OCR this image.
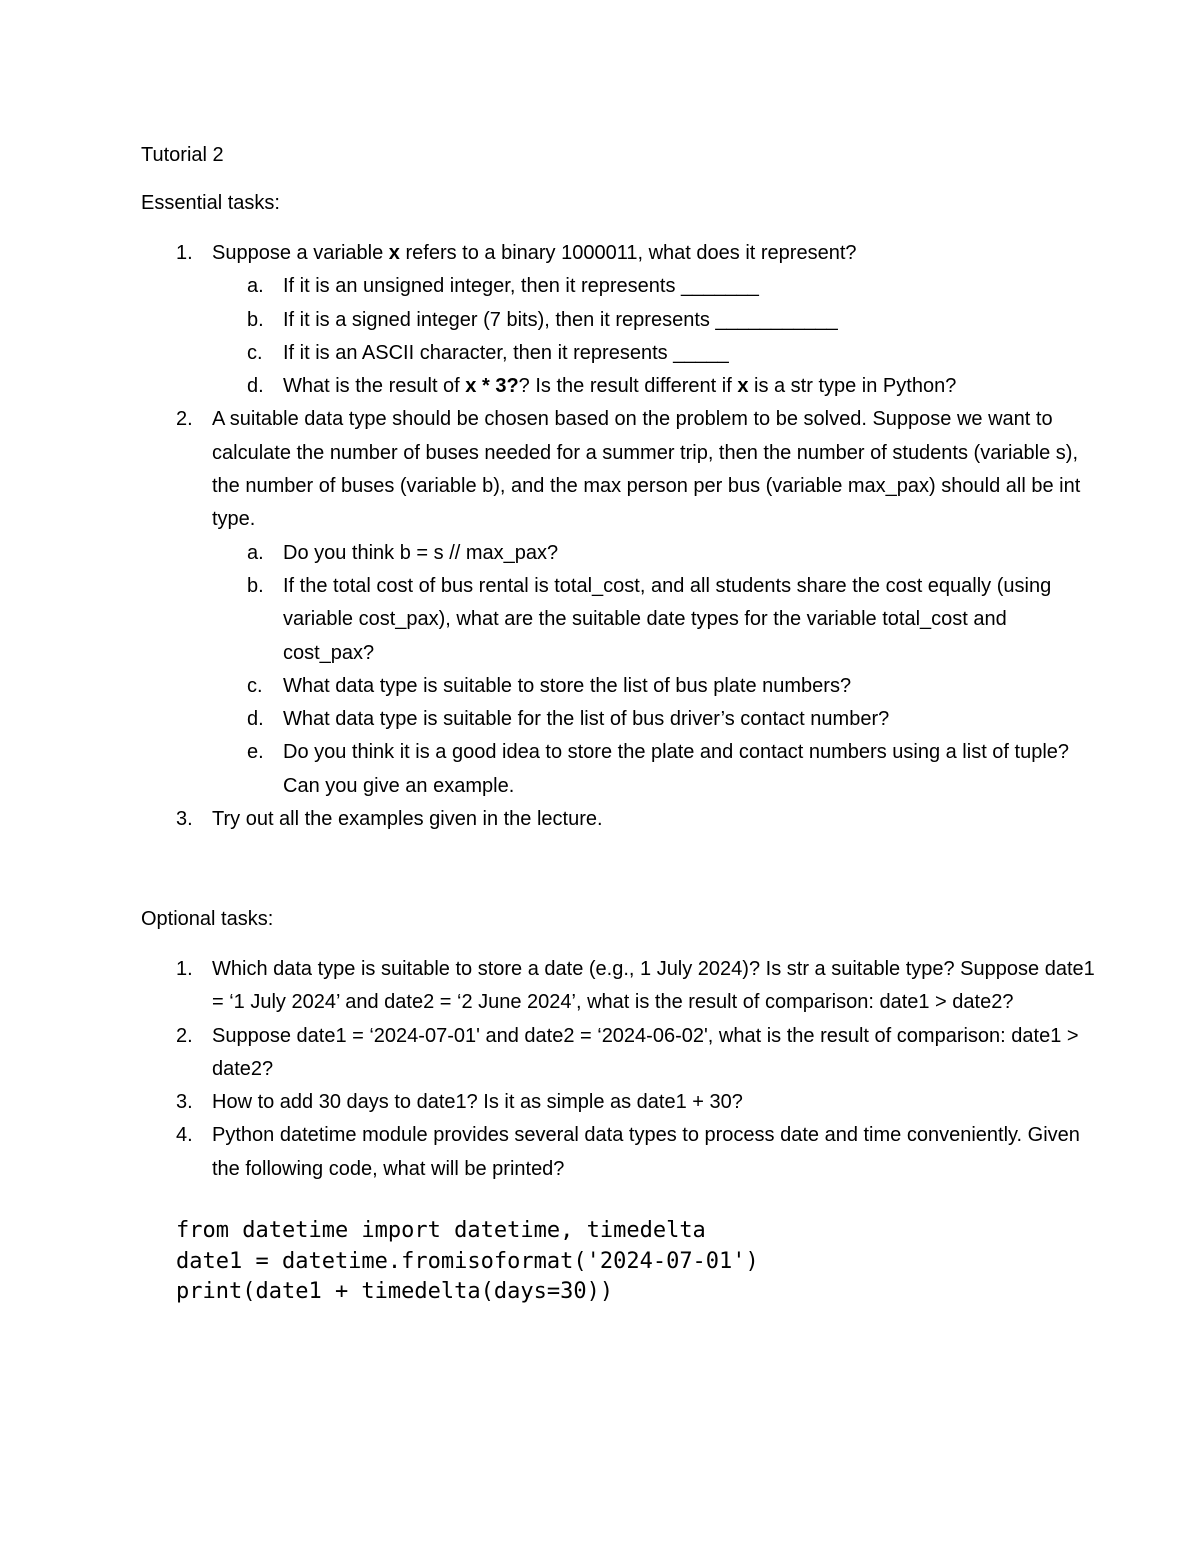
Tutorial 2

Essential tasks:

1. Suppose a variable x refers to a binary 1000011, what does it represent?
a. If it is an unsigned integer, then it represents _______
b. If it is a signed integer (7 bits), then it represents ___________
c. If it is an ASCII character, then it represents _____
d. What is the result of x * 3?? Is the result different if x is a str type in Python?
2. A suitable data type should be chosen based on the problem to be solved. Suppose we want to calculate the number of buses needed for a summer trip, then the number of students (variable s), the number of buses (variable b), and the max person per bus (variable max_pax) should all be int type.
a. Do you think b = s // max_pax?
b. If the total cost of bus rental is total_cost, and all students share the cost equally (using variable cost_pax), what are the suitable date types for the variable total_cost and cost_pax?
c. What data type is suitable to store the list of bus plate numbers?
d. What data type is suitable for the list of bus driver’s contact number?
e. Do you think it is a good idea to store the plate and contact numbers using a list of tuple? Can you give an example.
3. Try out all the examples given in the lecture.

Optional tasks:

1. Which data type is suitable to store a date (e.g., 1 July 2024)? Is str a suitable type? Suppose date1 = ‘1 July 2024’ and date2 = ‘2 June 2024’, what is the result of comparison: date1 > date2?
2. Suppose date1 = ‘2024-07-01' and date2 = ‘2024-06-02', what is the result of comparison: date1 > date2?
3. How to add 30 days to date1? Is it as simple as date1 + 30?
4. Python datetime module provides several data types to process date and time conveniently. Given the following code, what will be printed?
from datetime import datetime, timedelta
date1 = datetime.fromisoformat('2024-07-01')
print(date1 + timedelta(days=30))
